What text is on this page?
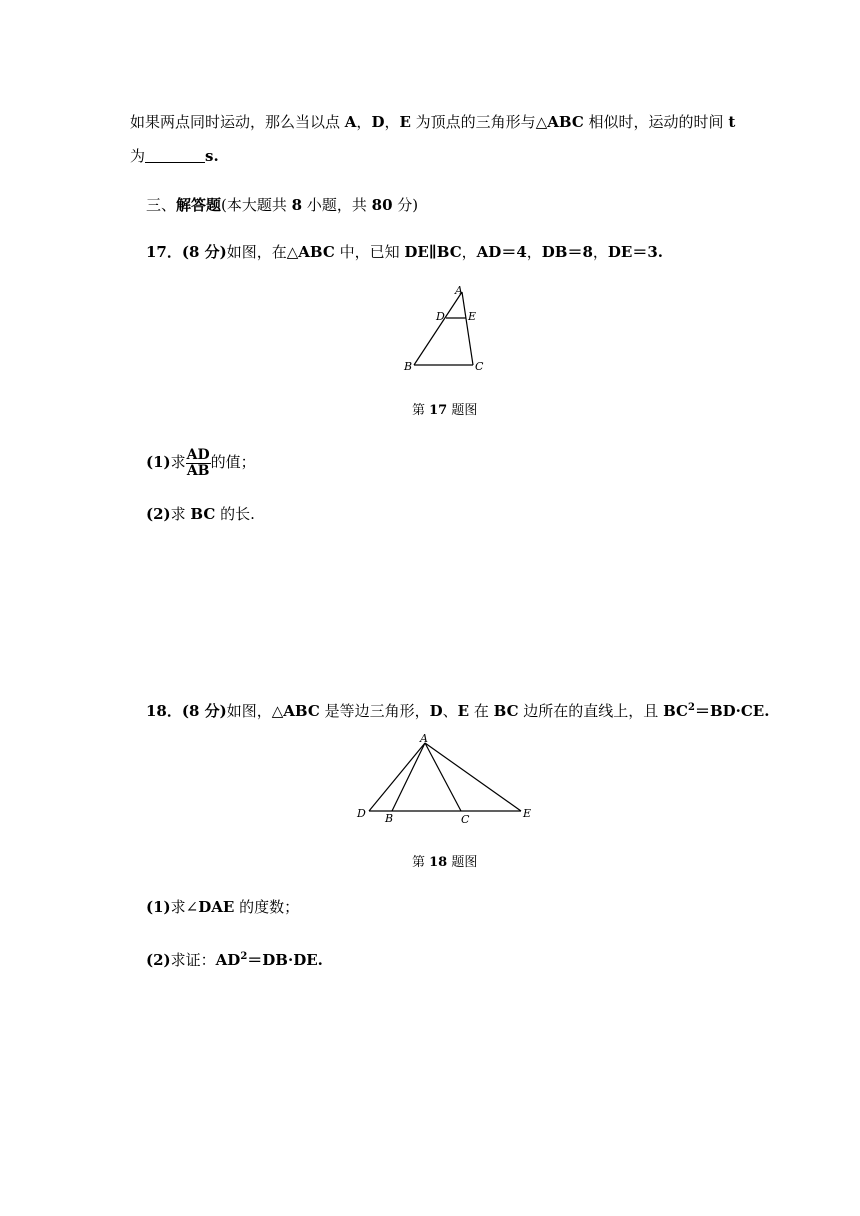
如果两点同时运动，那么当以点 A，D，E 为顶点的三角形与△ABC 相似时，运动的时间 t
为	s.
三、解答题(本大题共 8 小题，共 80 分)
17．(8 分)如图，在△ABC 中，已知 DE∥BC，AD＝4，DB＝8，DE＝3.
A
D E
B	C
第 17 题图
(1)求 $\frac{AD}{AB}$ 的值；
(2)求 BC 的长.
18．(8 分)如图，△ABC 是等边三角形，D、E 在 BC 边所在的直线上，且 $BC^2=BD\cdot CE$.
A
D B	C	E
第 18 题图
(1)求∠DAE 的度数；
(2)求证：$AD^2=DB\cdot DE$.
